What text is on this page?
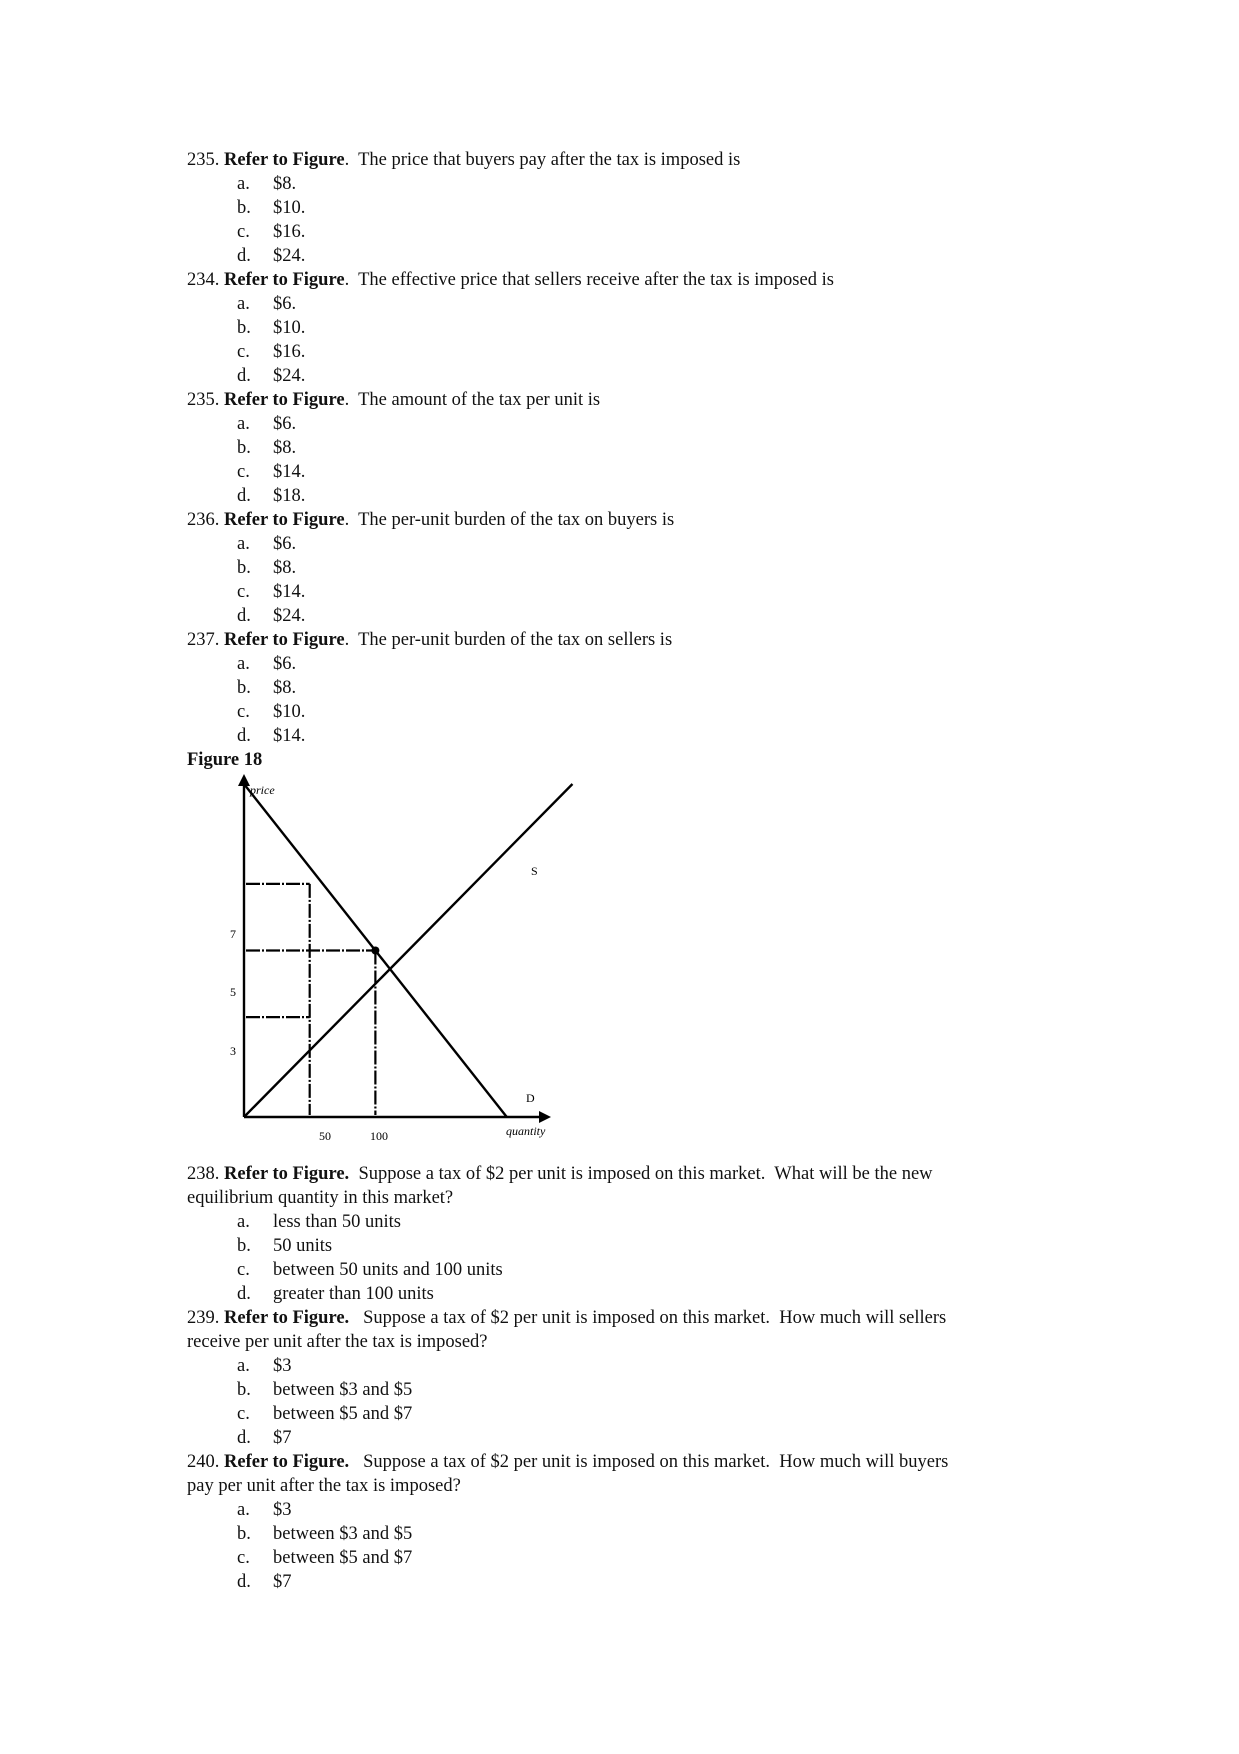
235. Refer to Figure.  The price that buyers pay after the tax is imposed is
a. $8.
b. $10.
c. $16.
d. $24.
234. Refer to Figure.  The effective price that sellers receive after the tax is imposed is
a. $6.
b. $10.
c. $16.
d. $24.
235. Refer to Figure.  The amount of the tax per unit is
a. $6.
b. $8.
c. $14.
d. $18.
236. Refer to Figure.  The per-unit burden of the tax on buyers is
a. $6.
b. $8.
c. $14.
d. $24.
237. Refer to Figure.  The per-unit burden of the tax on sellers is
a. $6.
b. $8.
c. $10.
d. $14.
Figure 18
price
quantity
S
D
7
5
3
50	100
238. Refer to Figure.  Suppose a tax of $2 per unit is imposed on this market.  What will be the new
equilibrium quantity in this market?
a. less than 50 units
b. 50 units
c. between 50 units and 100 units
d. greater than 100 units
239. Refer to Figure.   Suppose a tax of $2 per unit is imposed on this market.  How much will sellers
receive per unit after the tax is imposed?
a. $3
b. between $3 and $5
c. between $5 and $7
d. $7
240. Refer to Figure.   Suppose a tax of $2 per unit is imposed on this market.  How much will buyers
pay per unit after the tax is imposed?
a. $3
b. between $3 and $5
c. between $5 and $7
d. $7
